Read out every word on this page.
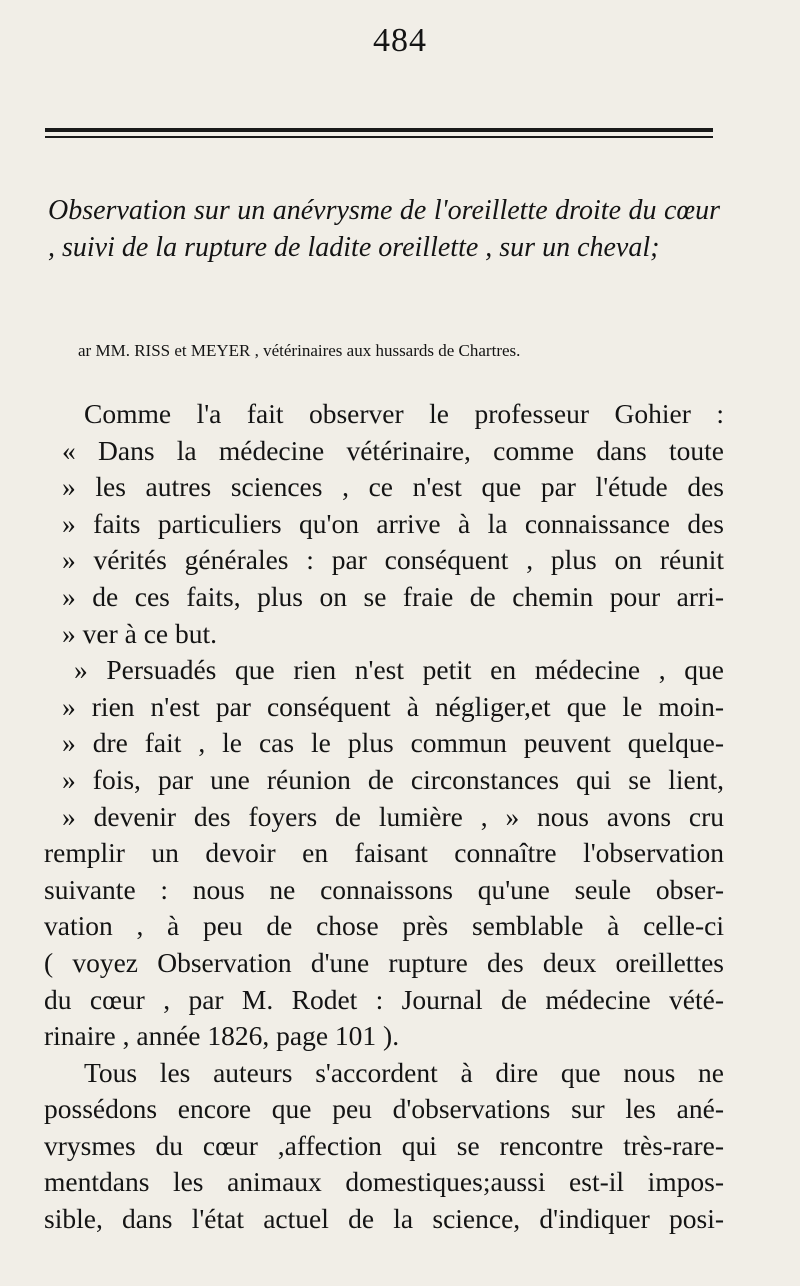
484
Observation sur un anévrysme de l'oreillette droite du cœur , suivi de la rupture de ladite oreillette , sur un cheval;
ar MM. RISS et MEYER , vétérinaires aux hussards de Chartres.
Comme l'a fait observer le professeur Gohier :
« Dans la médecine vétérinaire, comme dans toute
» les autres sciences , ce n'est que par l'étude des
» faits particuliers qu'on arrive à la connaissance des
» vérités générales : par conséquent , plus on réunit
» de ces faits, plus on se fraie de chemin pour arri-
» ver à ce but.
» Persuadés que rien n'est petit en médecine , que
» rien n'est par conséquent à négliger,et que le moin-
» dre fait , le cas le plus commun peuvent quelque-
» fois, par une réunion de circonstances qui se lient,
» devenir des foyers de lumière , » nous avons cru
remplir un devoir en faisant connaître l'observation
suivante : nous ne connaissons qu'une seule obser-
vation , à peu de chose près semblable à celle-ci
( voyez Observation d'une rupture des deux oreillettes
du cœur , par M. Rodet : Journal de médecine vété-
rinaire , année 1826, page 101 ).
Tous les auteurs s'accordent à dire que nous ne
possédons encore que peu d'observations sur les ané-
vrysmes du cœur ,affection qui se rencontre très-rare-
mentdans les animaux domestiques;aussi est-il impos-
sible, dans l'état actuel de la science, d'indiquer posi-
